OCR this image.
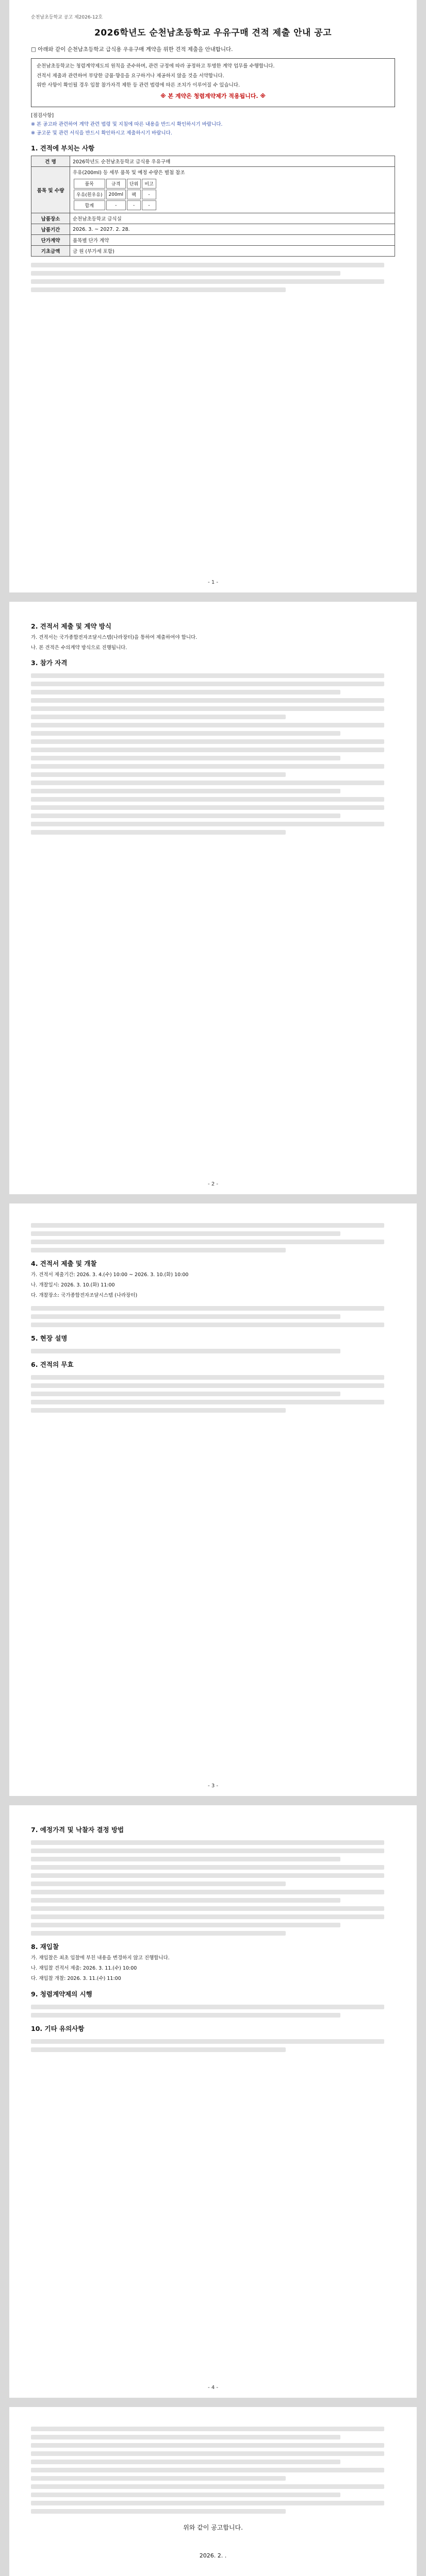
순천남초등학교 공고 제2026-12호
2026학년도 순천남초등학교 우유구매 견적 제출 안내 공고

□ 아래와 같이 순천남초등학교 급식용 우유구매 계약을 위한 견적 제출을 안내합니다.

순천남초등학교는 청렴계약제도의 원칙을 준수하며, 관련 규정에 따라 공정하고 투명한 계약 업무를 수행합니다.

견적서 제출과 관련하여 부당한 금품·향응을 요구하거나 제공하지 않을 것을 서약합니다.

위반 사항이 확인될 경우 입찰 참가자격 제한 등 관련 법령에 따른 조치가 이루어질 수 있습니다.

※ 본 계약은 청렴계약제가 적용됩니다. ※

[점검사항]

※ 본 공고와 관련하여 계약 관련 법령 및 지침에 따른 내용을 반드시 확인하시기 바랍니다.

※ 공고문 및 관련 서식을 반드시 확인하시고 제출하시기 바랍니다.

1. 견적에 부치는 사항
건 명	2026학년도 순천남초등학교 급식용 우유구매
품목 및 수량	
우유(200ml) 등 세부 품목 및 예정 수량은 별첨 참조
품목	규격	단위	비고
우유(흰우유)	200ml	팩	-
합계	-	-	-

납품장소	순천남초등학교 급식실
납품기간	2026. 3. ~ 2027. 2. 28.
단가계약	품목별 단가 계약
기초금액	금 원 (부가세 포함)
- 1 -
2. 견적서 제출 및 계약 방식

가. 견적서는 국가종합전자조달시스템(나라장터)을 통하여 제출하여야 합니다.

나. 본 견적은 수의계약 방식으로 진행됩니다.

3. 참가 자격
- 2 -
4. 견적서 제출 및 개찰

가. 견적서 제출기간: 2026. 3. 4.(수) 10:00 ~ 2026. 3. 10.(화) 10:00

나. 개찰일시: 2026. 3. 10.(화) 11:00

다. 개찰장소: 국가종합전자조달시스템 (나라장터)

5. 현장 설명
6. 견적의 무효
- 3 -
7. 예정가격 및 낙찰자 결정 방법
8. 재입찰

가. 재입찰은 최초 입찰에 부친 내용을 변경하지 않고 진행합니다.

나. 재입찰 견적서 제출: 2026. 3. 11.(수) 10:00

다. 재입찰 개찰: 2026. 3. 11.(수) 11:00

9. 청렴계약제의 시행
10. 기타 유의사항
- 4 -
위와 같이 공고합니다.
2026. 2. .
